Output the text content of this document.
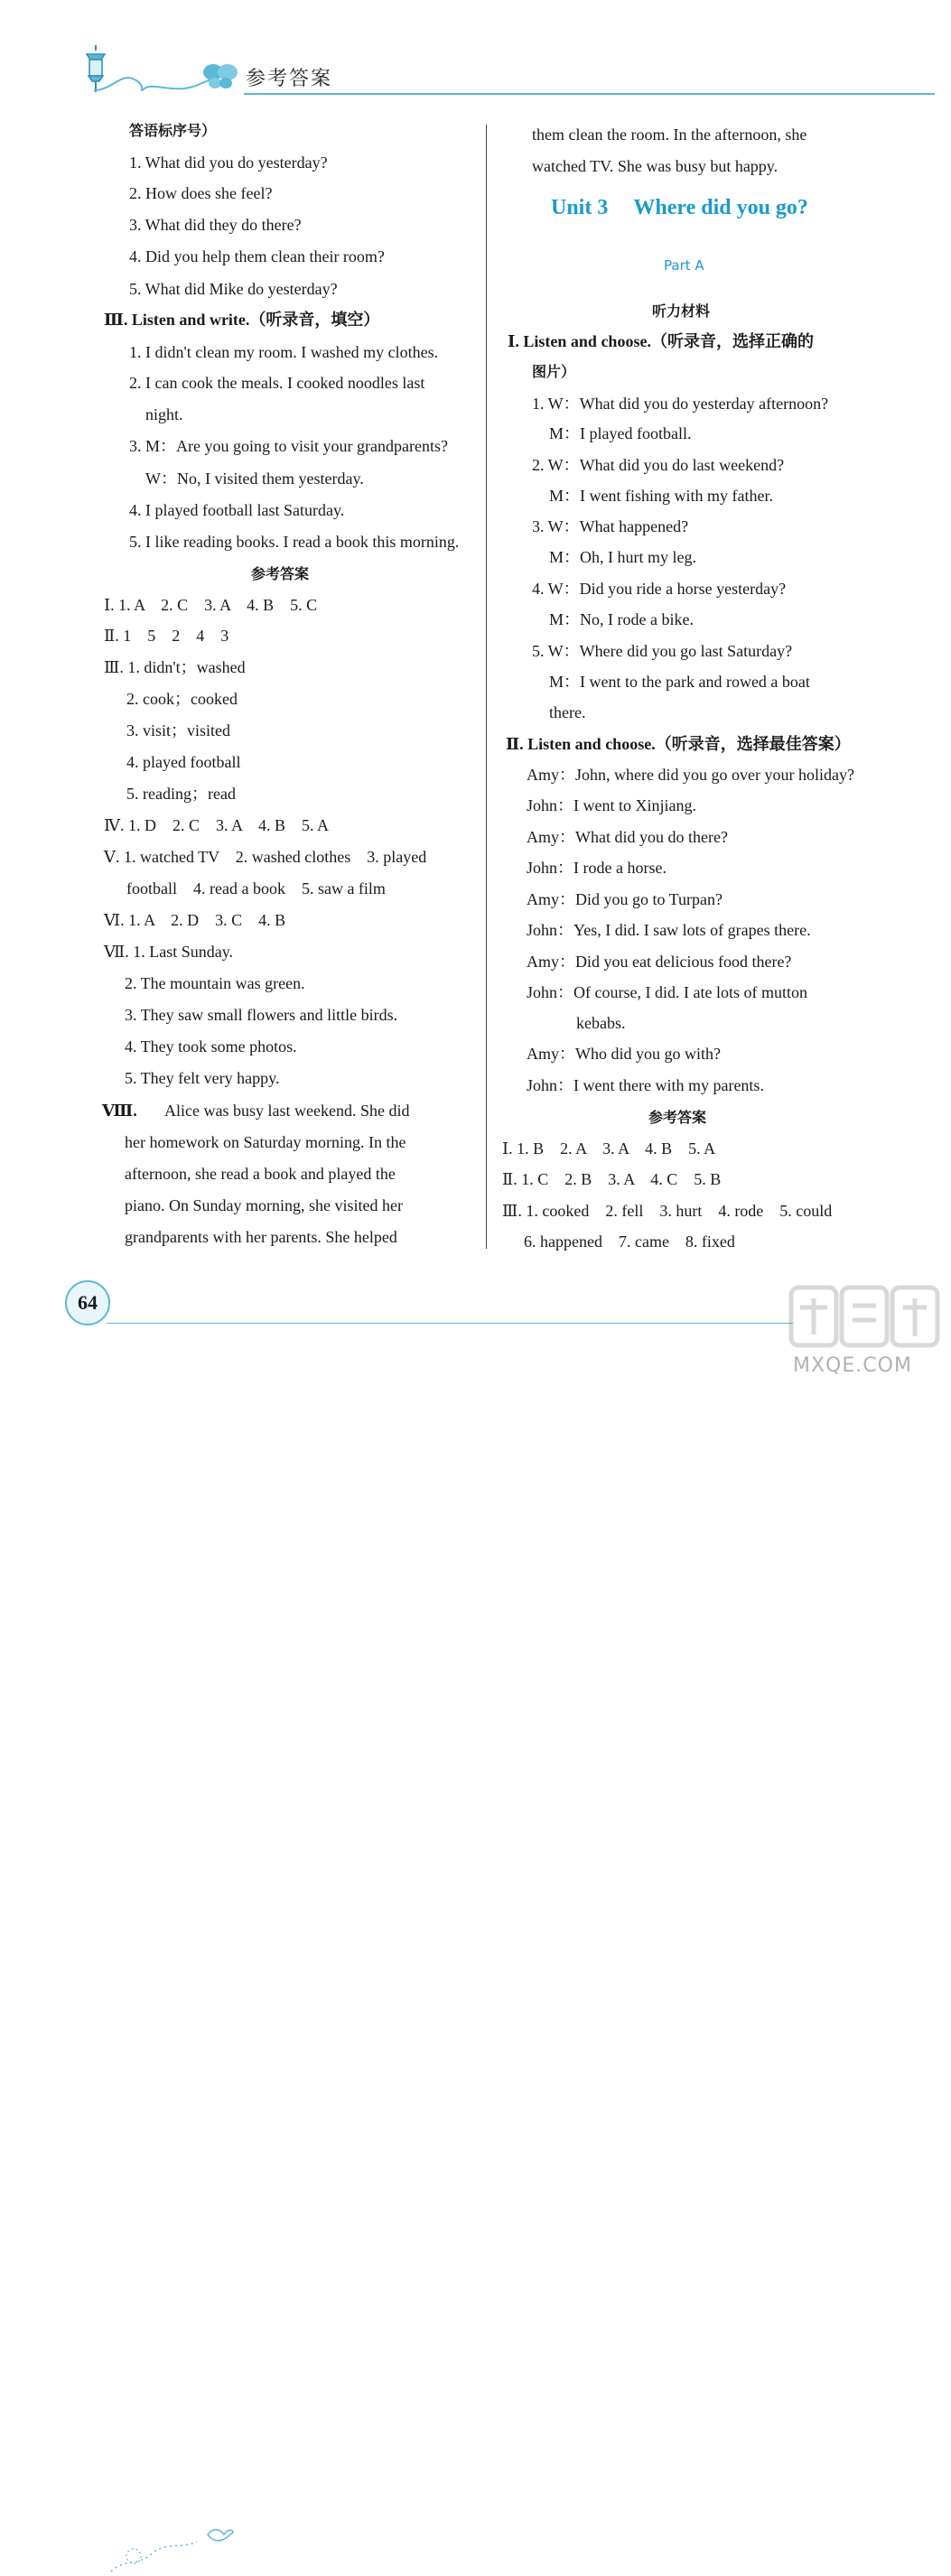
参考答案
答语标序号）
1. What did you do yesterday?
2. How does she feel?
3. What did they do there?
4. Did you help them clean their room?
5. What did Mike do yesterday?
Ⅲ. Listen and write.（听录音，填空）
1. I didn't clean my room. I washed my clothes.
2. I can cook the meals. I cooked noodles last
night.
3. M：Are you going to visit your grandparents?
W：No, I visited them yesterday.
4. I played football last Saturday.
5. I like reading books. I read a book this morning.
参考答案
Ⅰ. 1. A　2. C　3. A　4. B　5. C
Ⅱ. 1　5　2　4　3
Ⅲ. 1. didn't；washed
2. cook；cooked
3. visit；visited
4. played football
5. reading；read
Ⅳ. 1. D　2. C　3. A　4. B　5. A
Ⅴ. 1. watched TV　2. washed clothes　3. played
football　4. read a book　5. saw a film
Ⅵ. 1. A　2. D　3. C　4. B
Ⅶ. 1. Last Sunday.
2. The mountain was green.
3. They saw small flowers and little birds.
4. They took some photos.
5. They felt very happy.
Ⅷ. Alice was busy last weekend. She did
her homework on Saturday morning. In the
afternoon, she read a book and played the
piano. On Sunday morning, she visited her
grandparents with her parents. She helped
them clean the room. In the afternoon, she
watched TV. She was busy but happy.
Unit 3 Where did you go?
Part A
听力材料
Ⅰ. Listen and choose.（听录音，选择正确的
图片）
1. W：What did you do yesterday afternoon?
M：I played football.
2. W：What did you do last weekend?
M：I went fishing with my father.
3. W：What happened?
M：Oh, I hurt my leg.
4. W：Did you ride a horse yesterday?
M：No, I rode a bike.
5. W：Where did you go last Saturday?
M：I went to the park and rowed a boat
there.
Ⅱ. Listen and choose.（听录音，选择最佳答案）
Amy：John, where did you go over your holiday?
John：I went to Xinjiang.
Amy：What did you do there?
John：I rode a horse.
Amy：Did you go to Turpan?
John：Yes, I did. I saw lots of grapes there.
Amy：Did you eat delicious food there?
John：Of course, I did. I ate lots of mutton
kebabs.
Amy：Who did you go with?
John：I went there with my parents.
参考答案
Ⅰ. 1. B　2. A　3. A　4. B　5. A
Ⅱ. 1. C　2. B　3. A　4. C　5. B
Ⅲ. 1. cooked　2. fell　3. hurt　4. rode　5. could
6. happened　7. came　8. fixed
64
MXQE.COM
